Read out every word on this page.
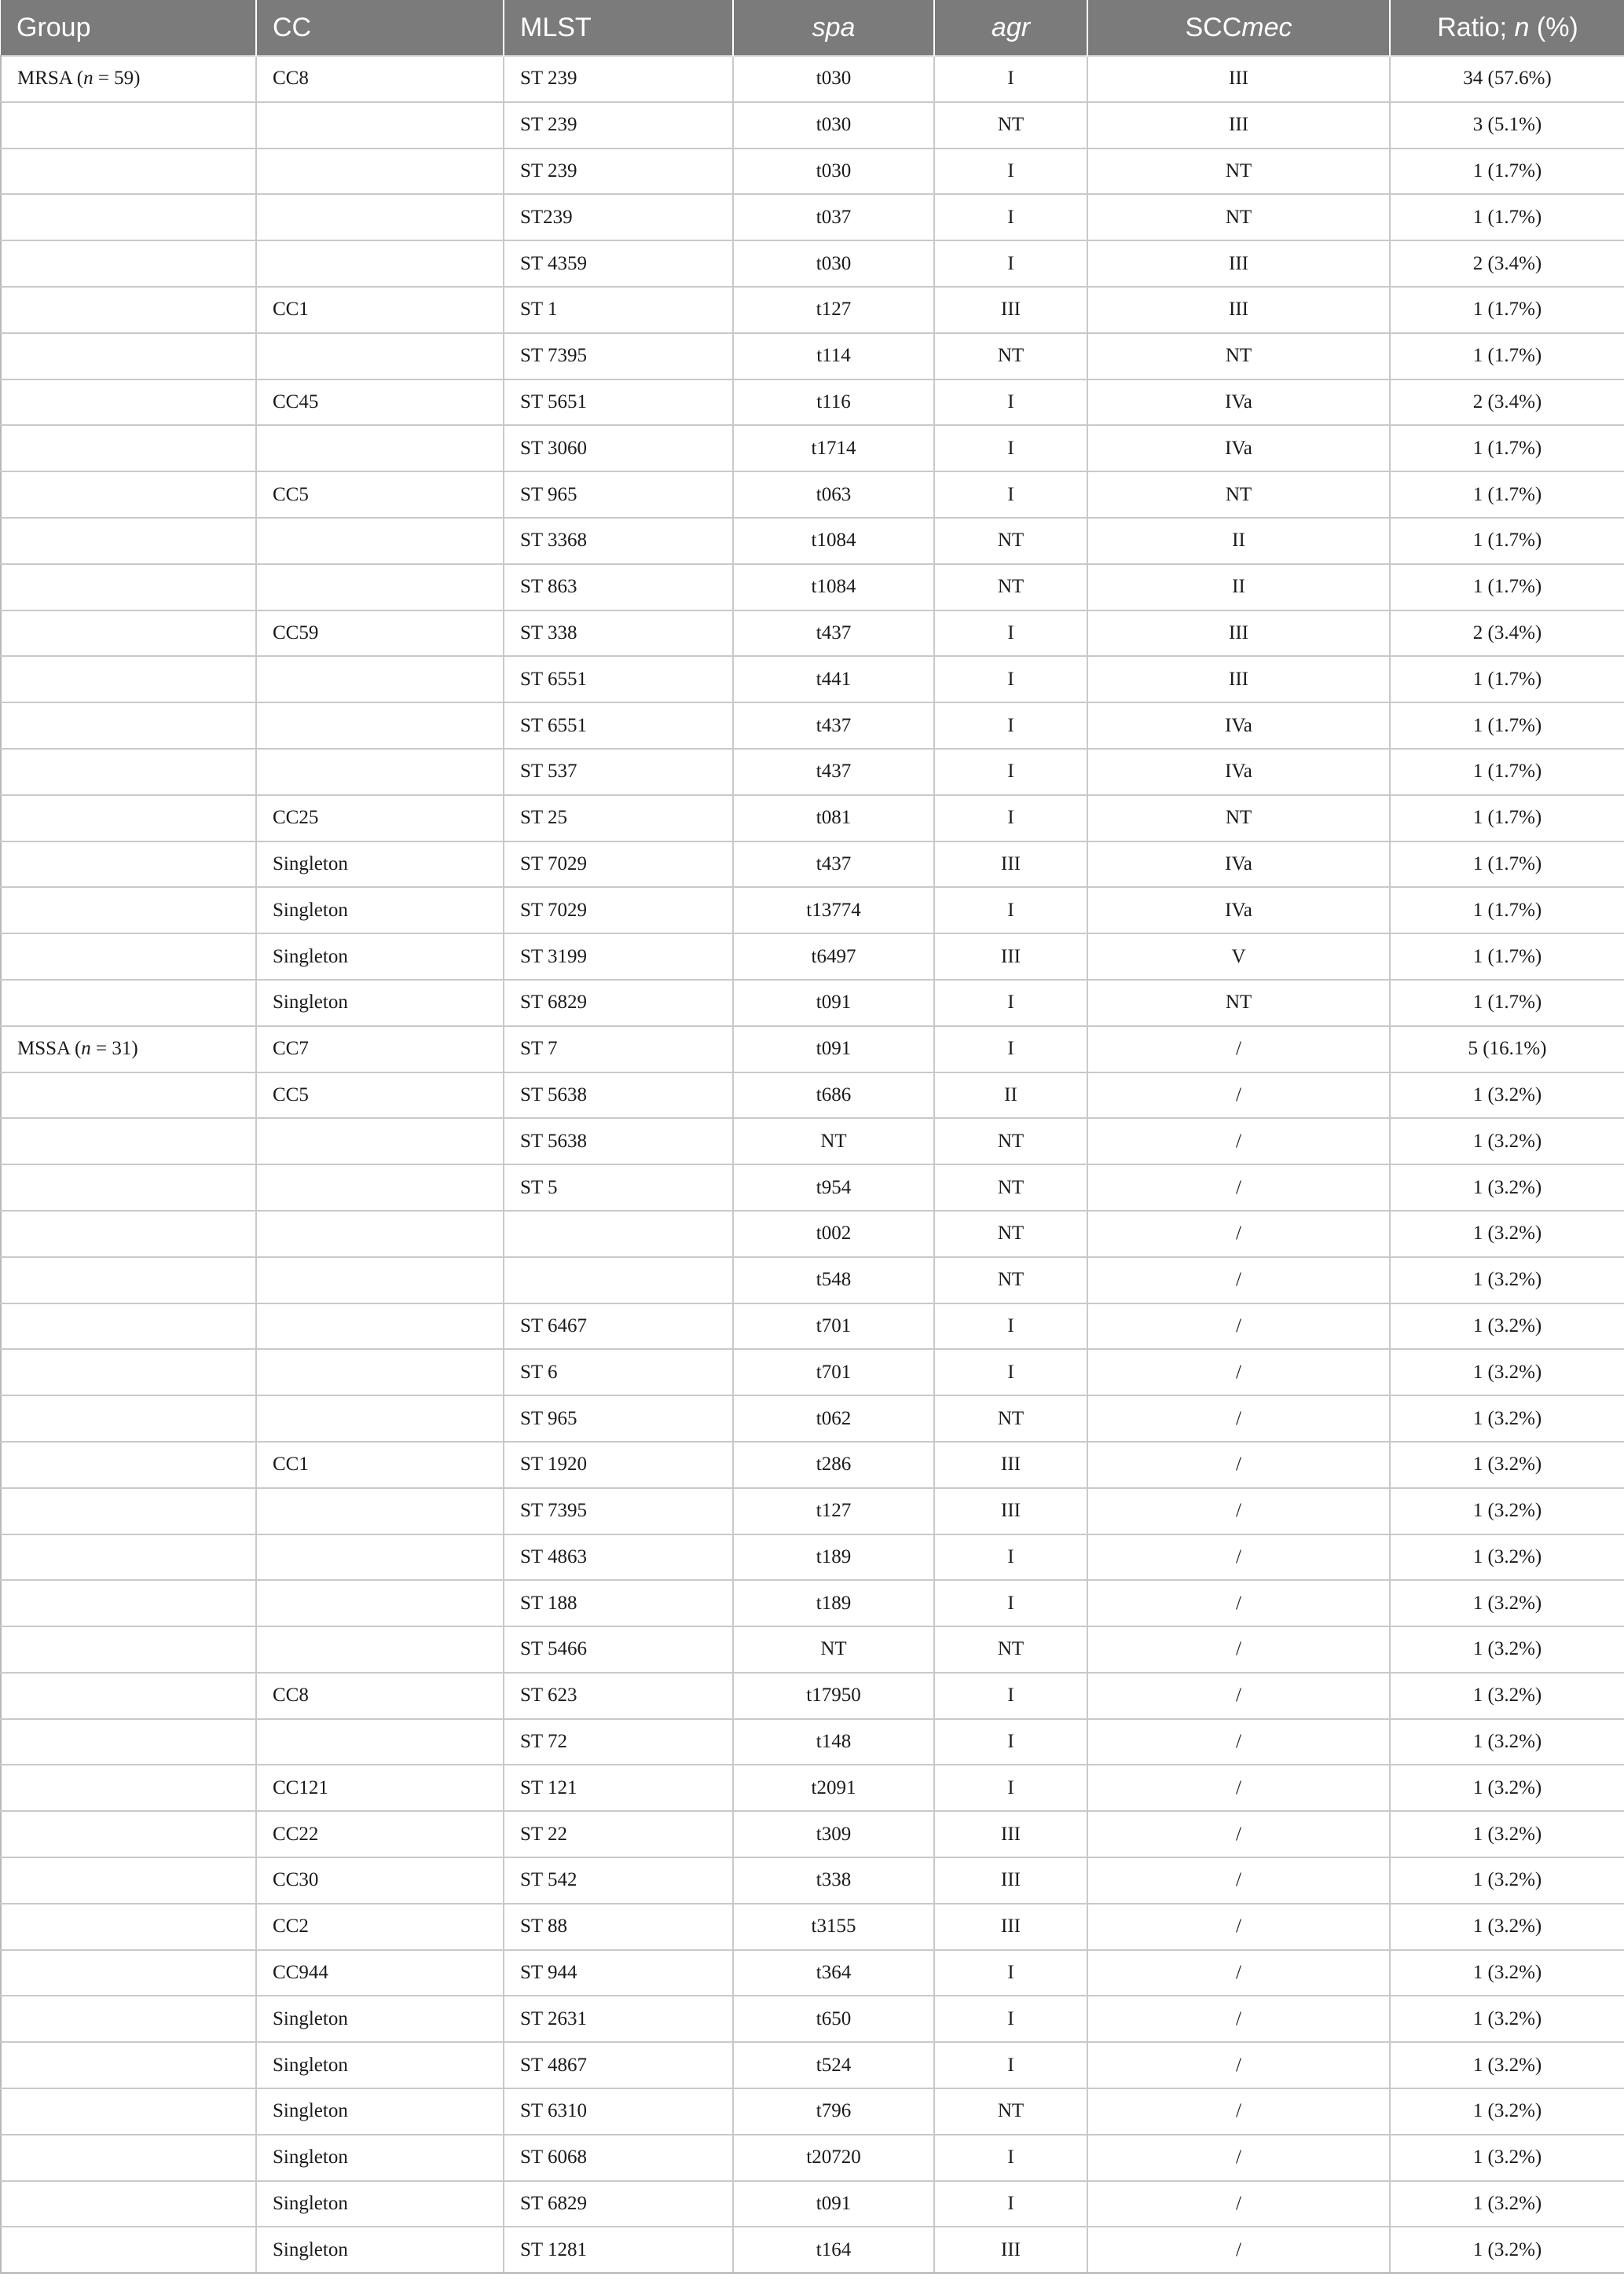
Group	CC	MLST	spa	agr	SCCmec	Ratio; n (%)
MRSA (n = 59)	CC8	ST 239	t030	I	III	34 (57.6%)
		ST 239	t030	NT	III	3 (5.1%)
		ST 239	t030	I	NT	1 (1.7%)
		ST239	t037	I	NT	1 (1.7%)
		ST 4359	t030	I	III	2 (3.4%)
	CC1	ST 1	t127	III	III	1 (1.7%)
		ST 7395	t114	NT	NT	1 (1.7%)
	CC45	ST 5651	t116	I	IVa	2 (3.4%)
		ST 3060	t1714	I	IVa	1 (1.7%)
	CC5	ST 965	t063	I	NT	1 (1.7%)
		ST 3368	t1084	NT	II	1 (1.7%)
		ST 863	t1084	NT	II	1 (1.7%)
	CC59	ST 338	t437	I	III	2 (3.4%)
		ST 6551	t441	I	III	1 (1.7%)
		ST 6551	t437	I	IVa	1 (1.7%)
		ST 537	t437	I	IVa	1 (1.7%)
	CC25	ST 25	t081	I	NT	1 (1.7%)
	Singleton	ST 7029	t437	III	IVa	1 (1.7%)
	Singleton	ST 7029	t13774	I	IVa	1 (1.7%)
	Singleton	ST 3199	t6497	III	V	1 (1.7%)
	Singleton	ST 6829	t091	I	NT	1 (1.7%)
MSSA (n = 31)	CC7	ST 7	t091	I	/	5 (16.1%)
	CC5	ST 5638	t686	II	/	1 (3.2%)
		ST 5638	NT	NT	/	1 (3.2%)
		ST 5	t954	NT	/	1 (3.2%)
			t002	NT	/	1 (3.2%)
			t548	NT	/	1 (3.2%)
		ST 6467	t701	I	/	1 (3.2%)
		ST 6	t701	I	/	1 (3.2%)
		ST 965	t062	NT	/	1 (3.2%)
	CC1	ST 1920	t286	III	/	1 (3.2%)
		ST 7395	t127	III	/	1 (3.2%)
		ST 4863	t189	I	/	1 (3.2%)
		ST 188	t189	I	/	1 (3.2%)
		ST 5466	NT	NT	/	1 (3.2%)
	CC8	ST 623	t17950	I	/	1 (3.2%)
		ST 72	t148	I	/	1 (3.2%)
	CC121	ST 121	t2091	I	/	1 (3.2%)
	CC22	ST 22	t309	III	/	1 (3.2%)
	CC30	ST 542	t338	III	/	1 (3.2%)
	CC2	ST 88	t3155	III	/	1 (3.2%)
	CC944	ST 944	t364	I	/	1 (3.2%)
	Singleton	ST 2631	t650	I	/	1 (3.2%)
	Singleton	ST 4867	t524	I	/	1 (3.2%)
	Singleton	ST 6310	t796	NT	/	1 (3.2%)
	Singleton	ST 6068	t20720	I	/	1 (3.2%)
	Singleton	ST 6829	t091	I	/	1 (3.2%)
	Singleton	ST 1281	t164	III	/	1 (3.2%)
